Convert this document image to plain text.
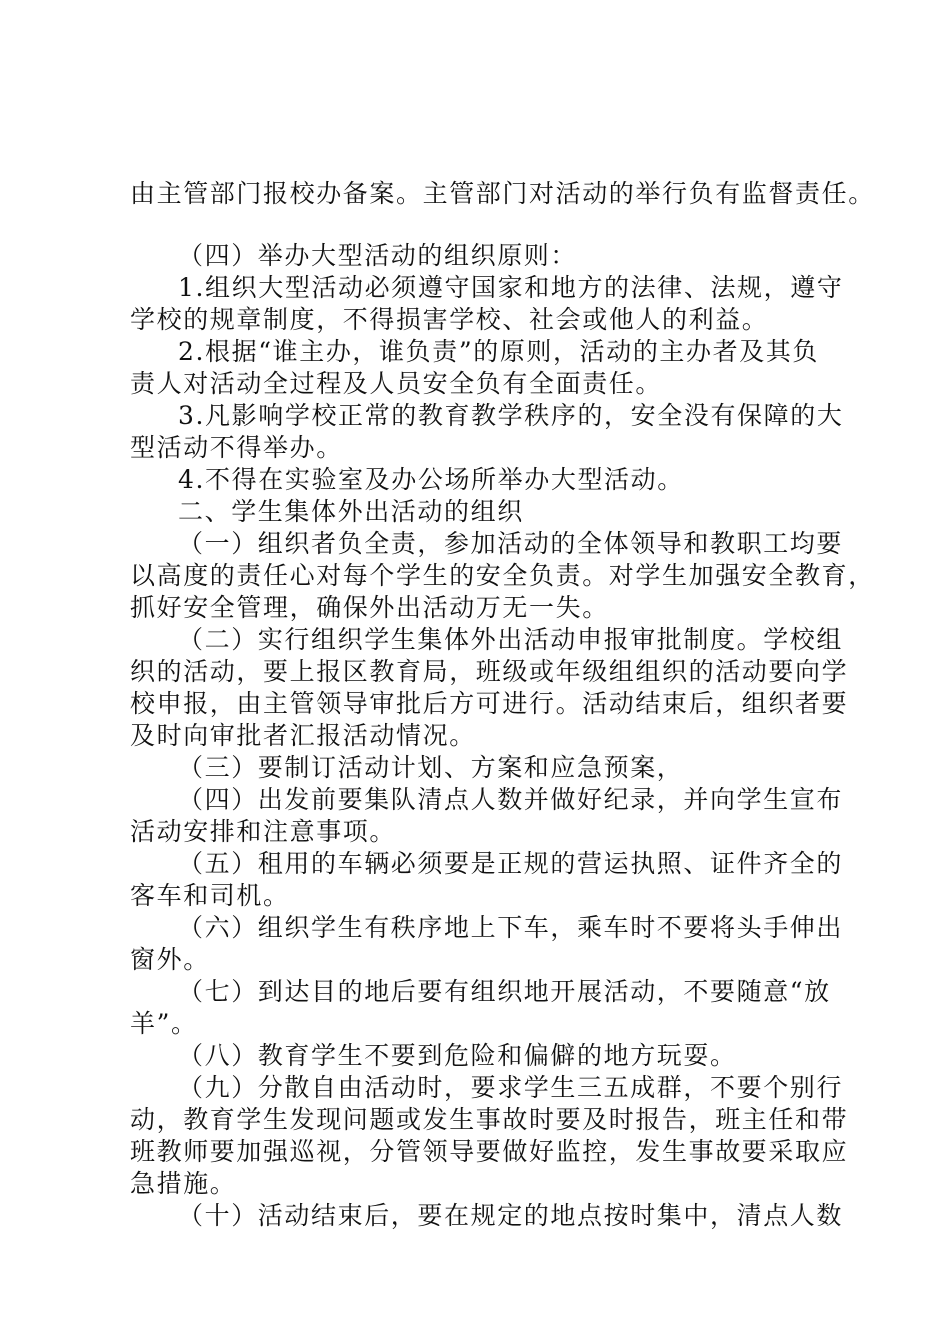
由主管部门报校办备案。主管部门对活动的举行负有监督责任。
（四）举办大型活动的组织原则：
1.组织大型活动必须遵守国家和地方的法律、法规，遵守
学校的规章制度，不得损害学校、社会或他人的利益。
2.根据“谁主办，谁负责”的原则，活动的主办者及其负
责人对活动全过程及人员安全负有全面责任。
3.凡影响学校正常的教育教学秩序的，安全没有保障的大
型活动不得举办。
4.不得在实验室及办公场所举办大型活动。
二、学生集体外出活动的组织
（一）组织者负全责，参加活动的全体领导和教职工均要
以高度的责任心对每个学生的安全负责。对学生加强安全教育，
抓好安全管理，确保外出活动万无一失。
（二）实行组织学生集体外出活动申报审批制度。学校组
织的活动，要上报区教育局，班级或年级组组织的活动要向学
校申报，由主管领导审批后方可进行。活动结束后，组织者要
及时向审批者汇报活动情况。
（三）要制订活动计划、方案和应急预案，
（四）出发前要集队清点人数并做好纪录，并向学生宣布
活动安排和注意事项。
（五）租用的车辆必须要是正规的营运执照、证件齐全的
客车和司机。
（六）组织学生有秩序地上下车，乘车时不要将头手伸出
窗外。
（七）到达目的地后要有组织地开展活动，不要随意“放
羊”。
（八）教育学生不要到危险和偏僻的地方玩耍。
（九）分散自由活动时，要求学生三五成群，不要个别行
动，教育学生发现问题或发生事故时要及时报告，班主任和带
班教师要加强巡视，分管领导要做好监控，发生事故要采取应
急措施。
（十）活动结束后，要在规定的地点按时集中，清点人数
